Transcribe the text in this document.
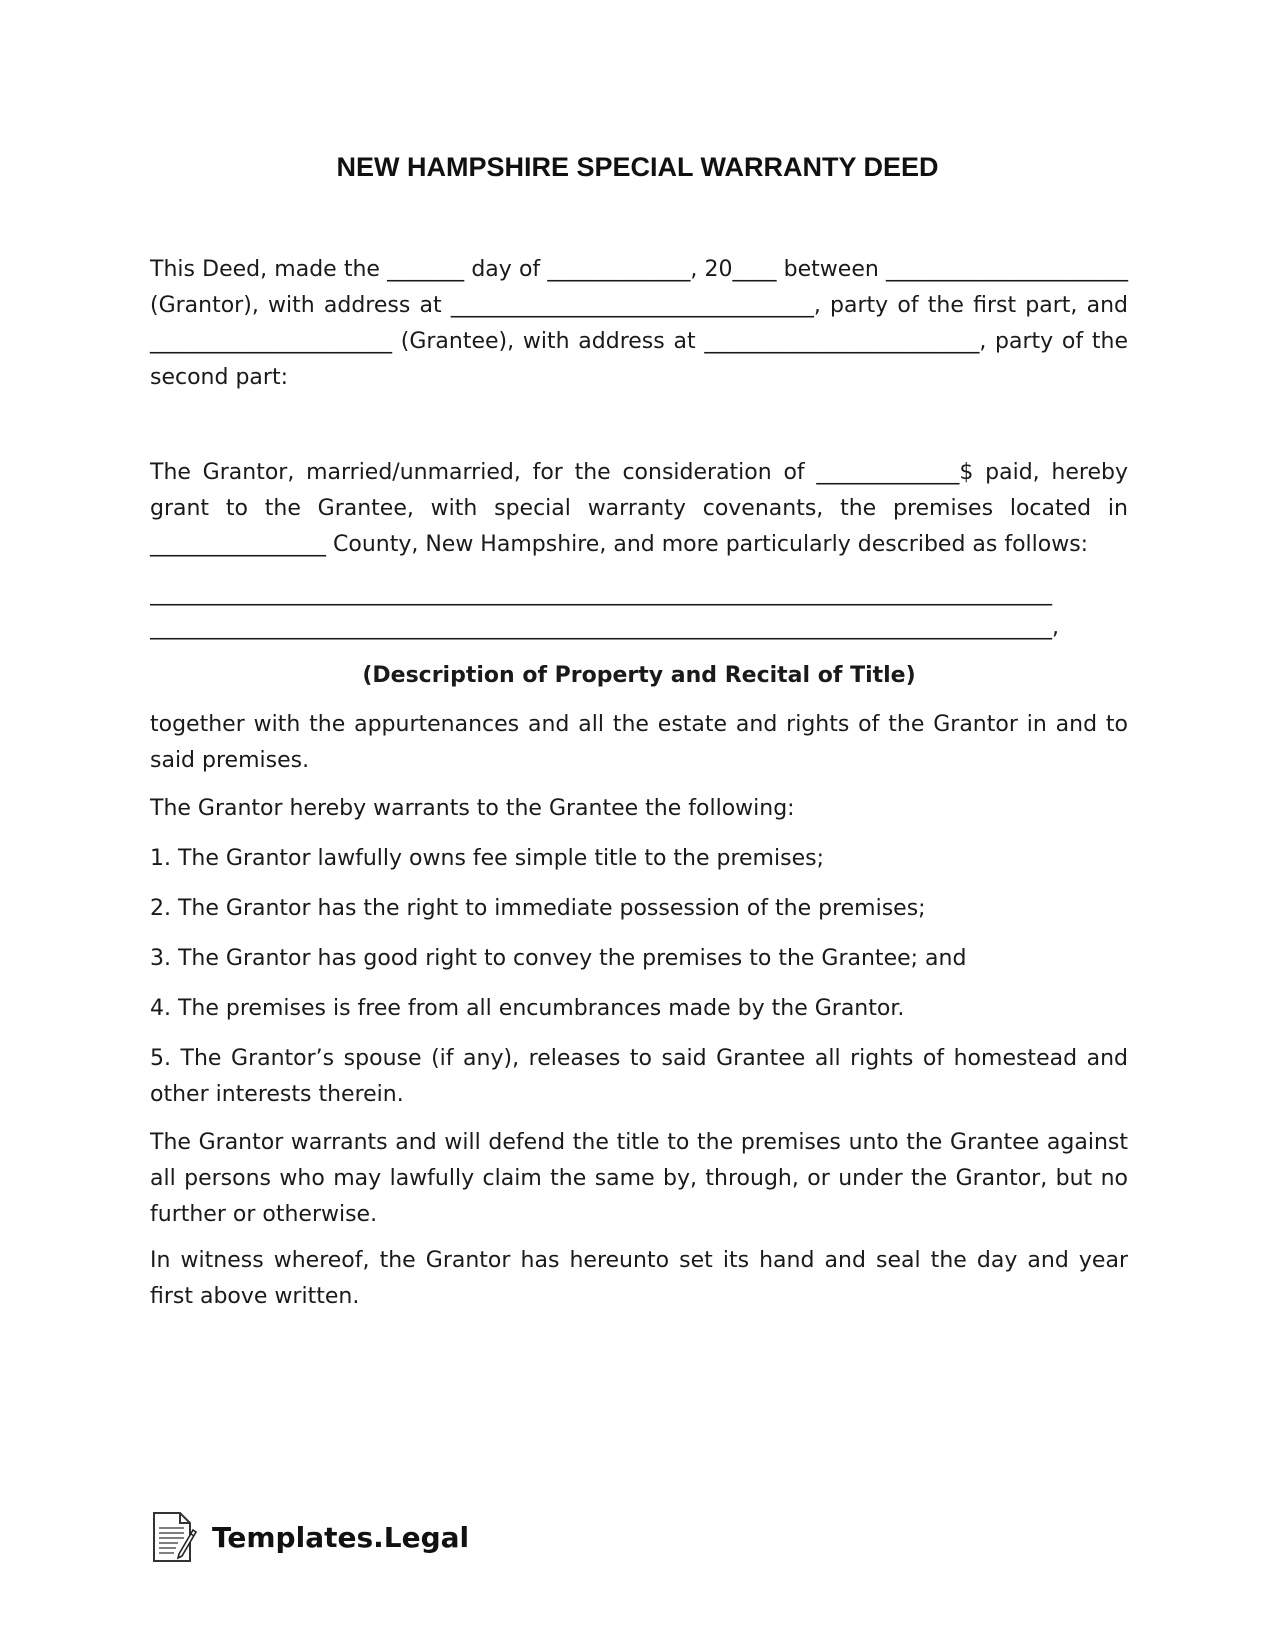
NEW HAMPSHIRE SPECIAL WARRANTY DEED
This Deed, made the _______ day of _____________, 20____ between ______________________ (Grantor), with address at _________________________________, party of the first part, and ______________________ (Grantee), with address at _________________________, party of the second part:
The Grantor, married/unmarried, for the consideration of _____________$ paid, hereby grant to the Grantee, with special warranty covenants, the premises located in ________________ County, New Hampshire, and more particularly described as follows:
__________________________________________________________________________________
__________________________________________________________________________________,
(Description of Property and Recital of Title)
together with the appurtenances and all the estate and rights of the Grantor in and to said premises.
The Grantor hereby warrants to the Grantee the following:
1. The Grantor lawfully owns fee simple title to the premises;
2. The Grantor has the right to immediate possession of the premises;
3. The Grantor has good right to convey the premises to the Grantee; and
4. The premises is free from all encumbrances made by the Grantor.
5. The Grantor’s spouse (if any), releases to said Grantee all rights of homestead and other interests therein.
The Grantor warrants and will defend the title to the premises unto the Grantee against all persons who may lawfully claim the same by, through, or under the Grantor, but no further or otherwise.
In witness whereof, the Grantor has hereunto set its hand and seal the day and year first above written.
Templates.Legal
